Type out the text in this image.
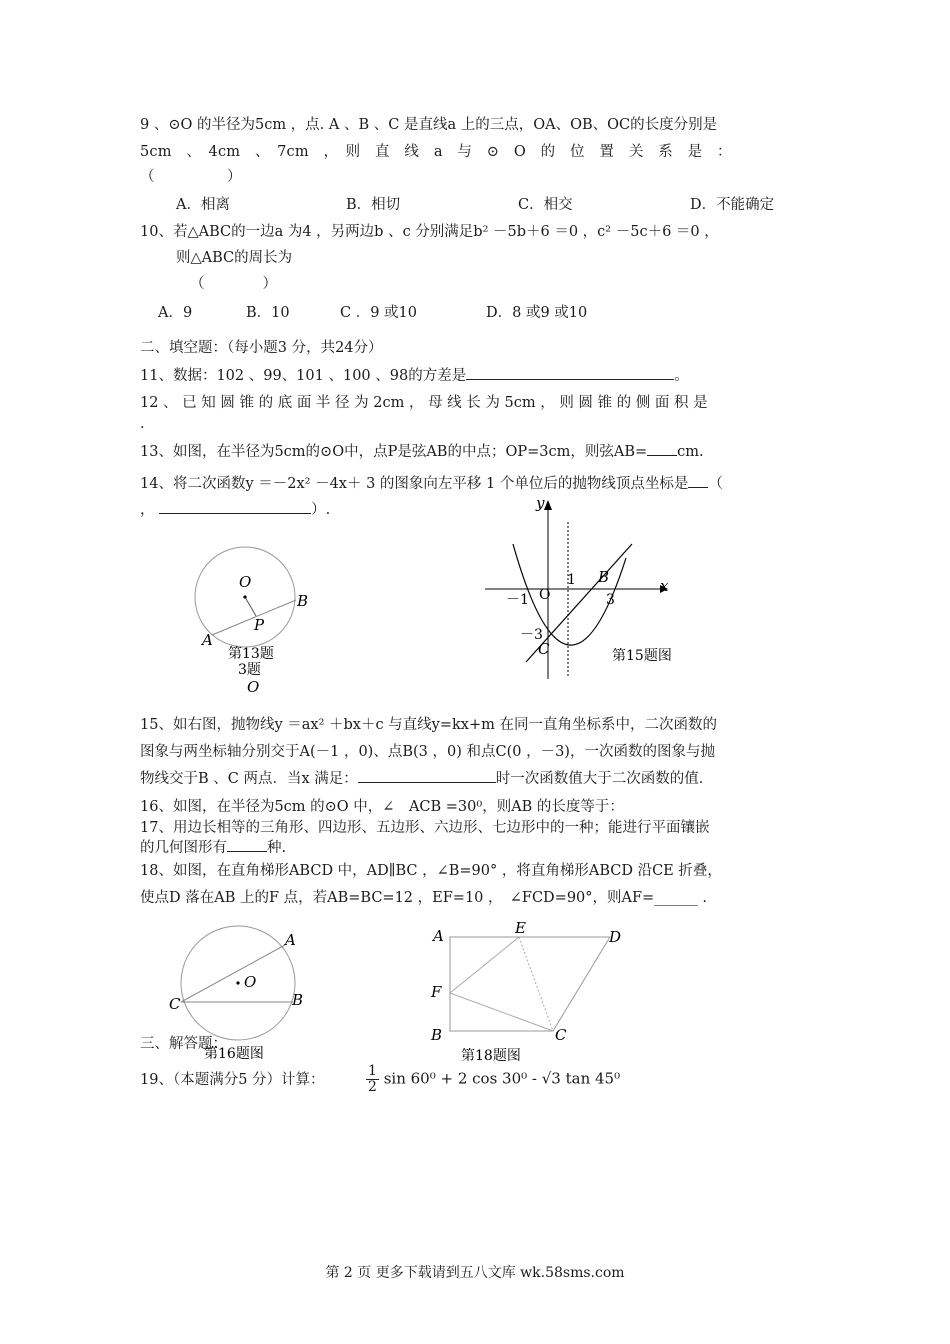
9 、⊙O 的半径为5cm ，点. A 、B 、C 是直线a 上的三点，OA、OB、OC的长度分别是
5cm　、　4cm　、　7cm　，　则　直　线　a　与　⊙　O　的　位　置　关　系　是　：
（　　　　　）
A．相离	B．相切	C．相交	D．不能确定
10、若△ABC的一边a 为4 ，另两边b 、c 分别满足b² －5b＋6 ＝0 ，c² －5c＋6 ＝0 ，
则△ABC的周长为
（　　　　）
A．9	B．10	C ．9 或10	D．8 或9 或10
二、填空题：（每小题3 分，共24分）
11、数据：102 、99、101 、100 、98的方差是	。
12 、 已 知 圆 锥 的 底 面 半 径 为 2cm ， 母 线 长 为 5cm ， 则 圆 锥 的 侧 面 积 是
.
13、如图，在半径为5cm的⊙O中，点P是弦AB的中点；OP=3cm，则弦AB= cm.
14、将二次函数y ＝－2x² －4x＋ 3 的图象向左平移 1 个单位后的抛物线顶点坐标是 （
，	）.
O
B
P
A
第13题
3题
O
y
x
1 B
O
－1	3
－3
C	第15题图
15、如右图，抛物线y ＝ax² ＋bx＋c 与直线y=kx+m 在同一直角坐标系中，二次函数的
图象与两坐标轴分别交于A(－1 ，0)、点B(3 ，0) 和点C(0 ，－3)，一次函数的图象与抛
物线交于B 、C 两点．当x 满足：	时一次函数值大于二次函数的值．
16、如图，在半径为5cm 的⊙O 中，∠　ACB =30⁰，则AB 的长度等于：
17、用边长相等的三角形、四边形、五边形、六边形、七边形中的一种；能进行平面镶嵌
的几何图形有	种.
18、如图，在直角梯形ABCD 中，AD∥BC ，∠B=90° ，将直角梯形ABCD 沿CE 折叠，
使点D 落在AB 上的F 点，若AB=BC=12 ，EF=10 ，　∠FCD=90°，则AF=______ .
A
O
C	B
第16题图
A	E	D
F
B	C
第18题图
三、解答题：
19、（本题满分5 分）计算：	$\frac{1}{2}$ sin 60⁰ + 2 cos 30⁰ - √3 tan 45⁰
第 2 页 更多下载请到五八文库 wk.58sms.com
